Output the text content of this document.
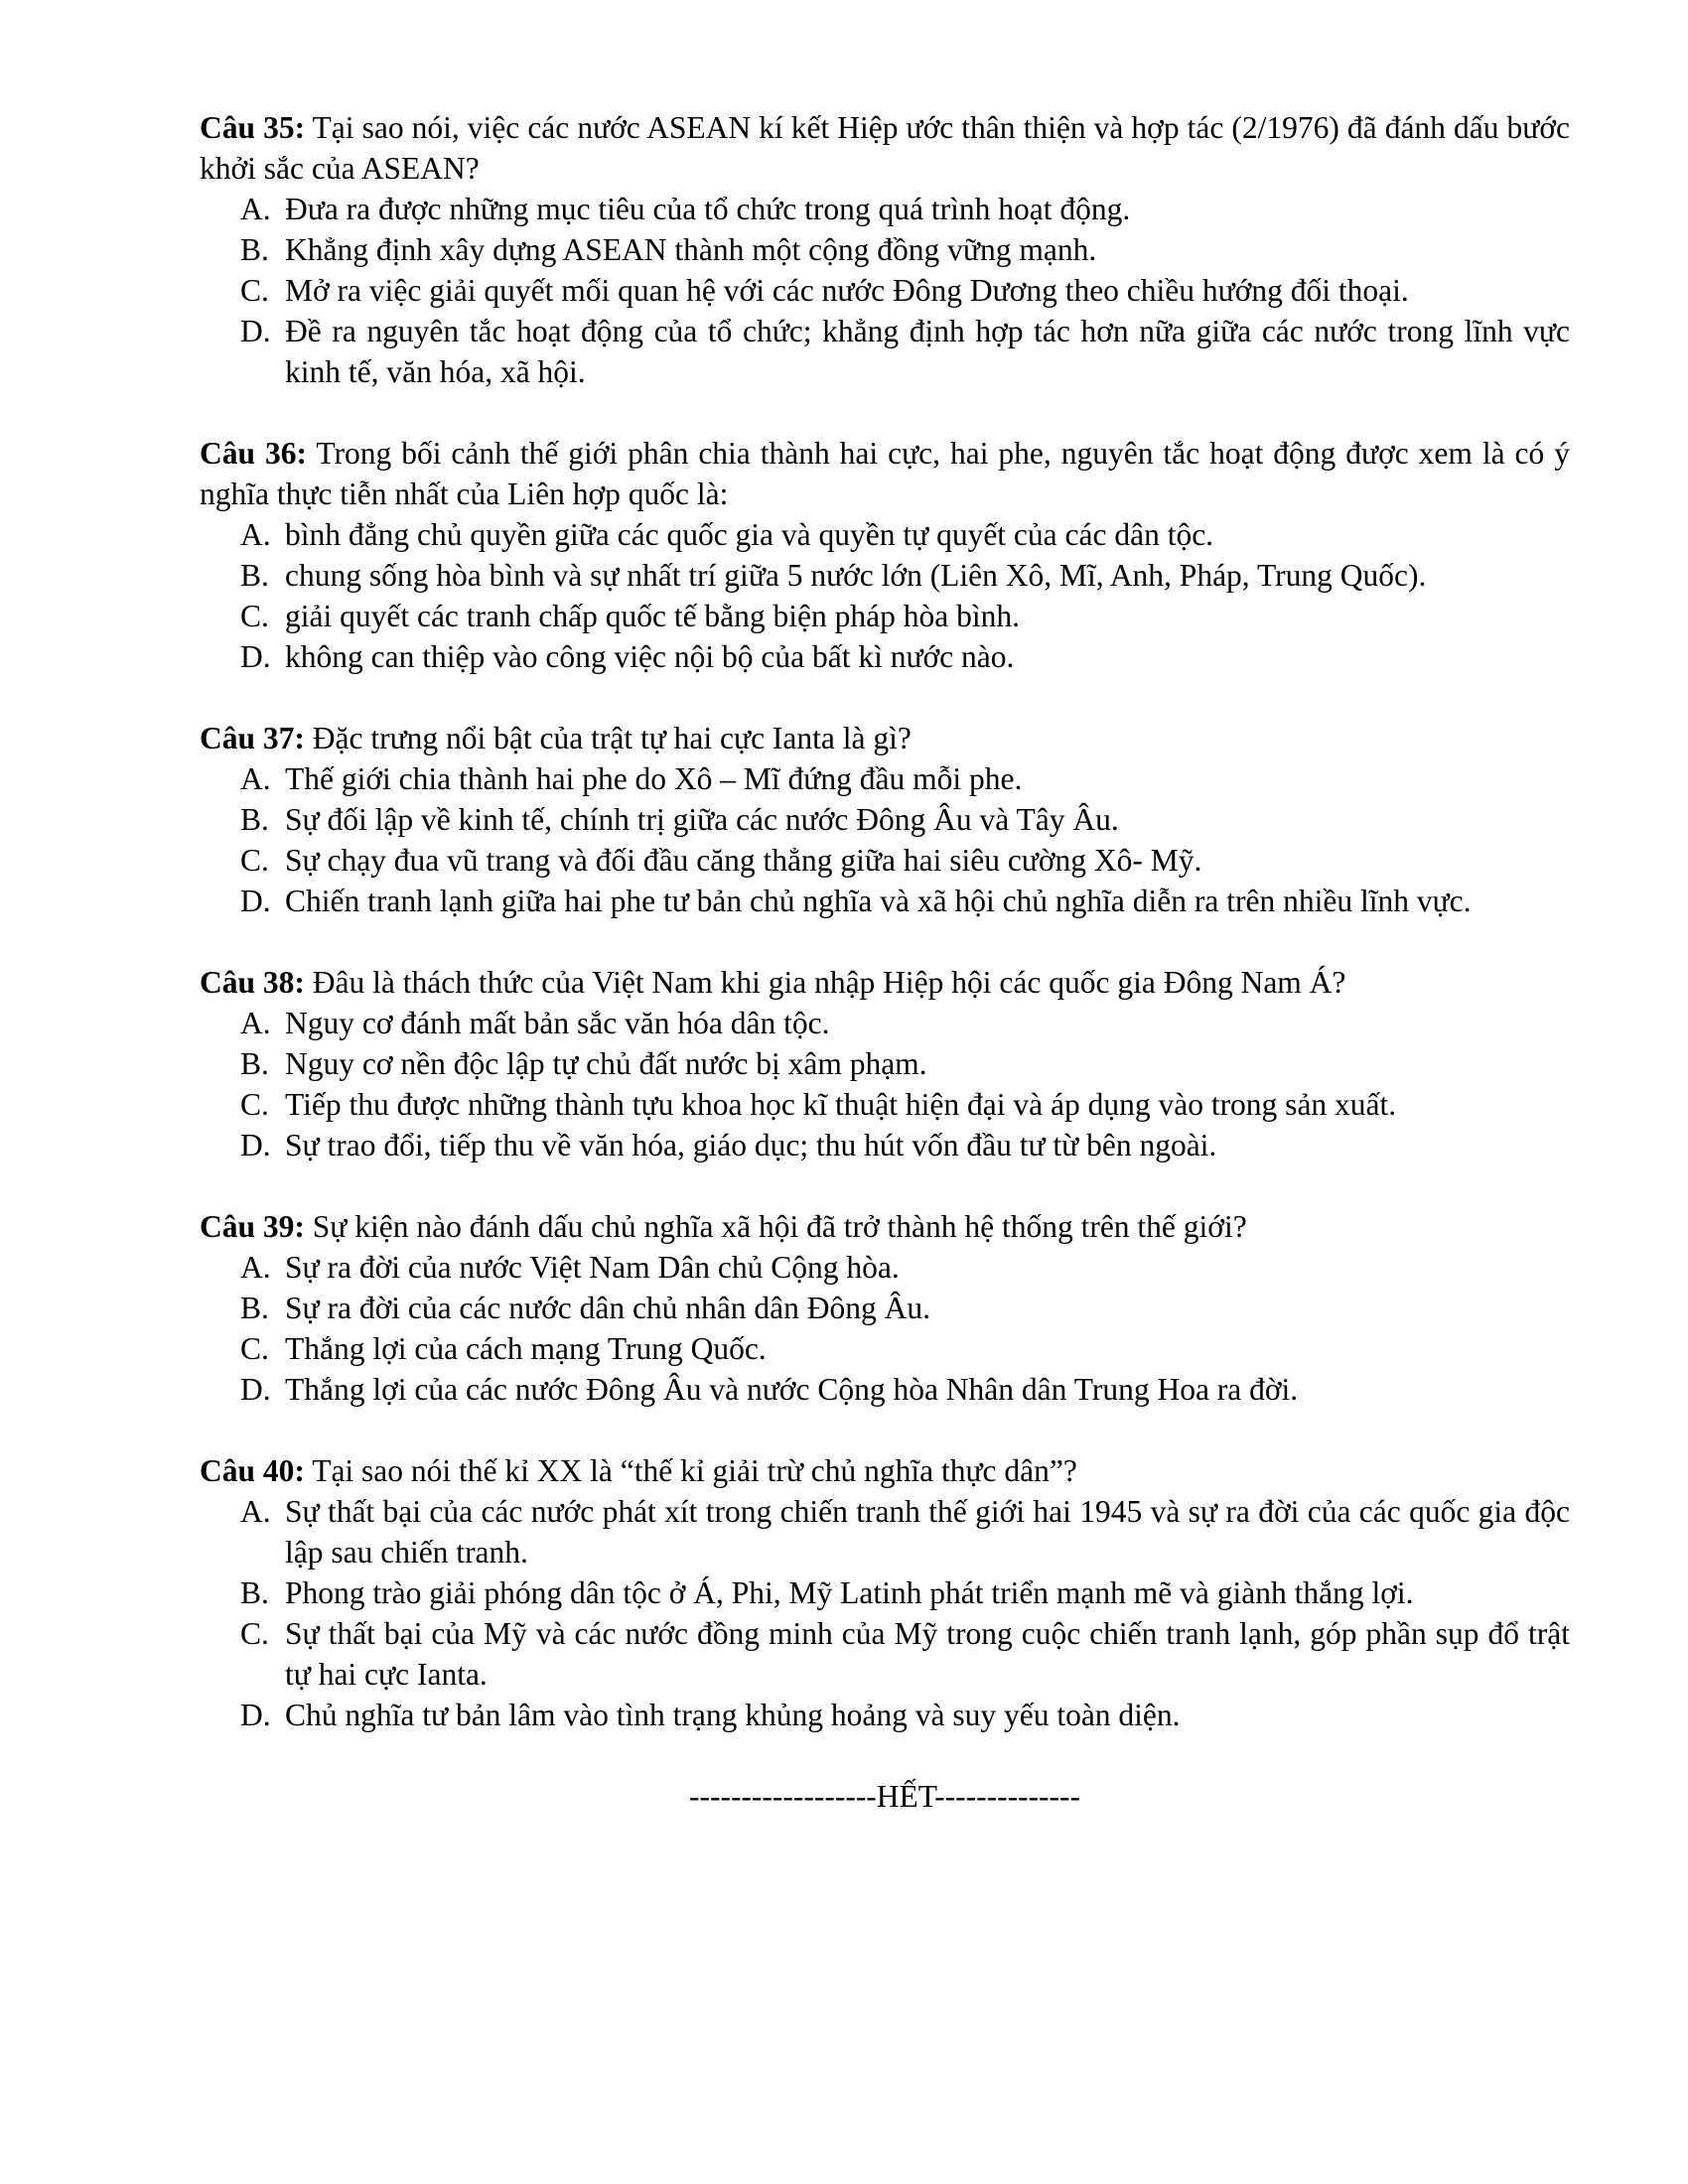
Câu 35: Tại sao nói, việc các nước ASEAN kí kết Hiệp ước thân thiện và hợp tác (2/1976) đã đánh dấu bước khởi sắc của ASEAN?

A. Đưa ra được những mục tiêu của tổ chức trong quá trình hoạt động.
B. Khẳng định xây dựng ASEAN thành một cộng đồng vững mạnh.
C. Mở ra việc giải quyết mối quan hệ với các nước Đông Dương theo chiều hướng đối thoại.
D. Đề ra nguyên tắc hoạt động của tổ chức; khẳng định hợp tác hơn nữa giữa các nước trong lĩnh vực kinh tế, văn hóa, xã hội.

Câu 36: Trong bối cảnh thế giới phân chia thành hai cực, hai phe, nguyên tắc hoạt động được xem là có ý nghĩa thực tiễn nhất của Liên hợp quốc là:

A. bình đẳng chủ quyền giữa các quốc gia và quyền tự quyết của các dân tộc.
B. chung sống hòa bình và sự nhất trí giữa 5 nước lớn (Liên Xô, Mĩ, Anh, Pháp, Trung Quốc).
C. giải quyết các tranh chấp quốc tế bằng biện pháp hòa bình.
D. không can thiệp vào công việc nội bộ của bất kì nước nào.

Câu 37: Đặc trưng nổi bật của trật tự hai cực Ianta là gì?

A. Thế giới chia thành hai phe do Xô – Mĩ đứng đầu mỗi phe.
B. Sự đối lập về kinh tế, chính trị giữa các nước Đông Âu và Tây Âu.
C. Sự chạy đua vũ trang và đối đầu căng thẳng giữa hai siêu cường Xô- Mỹ.
D. Chiến tranh lạnh giữa hai phe tư bản chủ nghĩa và xã hội chủ nghĩa diễn ra trên nhiều lĩnh vực.

Câu 38: Đâu là thách thức của Việt Nam khi gia nhập Hiệp hội các quốc gia Đông Nam Á?

A. Nguy cơ đánh mất bản sắc văn hóa dân tộc.
B. Nguy cơ nền độc lập tự chủ đất nước bị xâm phạm.
C. Tiếp thu được những thành tựu khoa học kĩ thuật hiện đại và áp dụng vào trong sản xuất.
D. Sự trao đổi, tiếp thu về văn hóa, giáo dục; thu hút vốn đầu tư từ bên ngoài.

Câu 39: Sự kiện nào đánh dấu chủ nghĩa xã hội đã trở thành hệ thống trên thế giới?

A. Sự ra đời của nước Việt Nam Dân chủ Cộng hòa.
B. Sự ra đời của các nước dân chủ nhân dân Đông Âu.
C. Thắng lợi của cách mạng Trung Quốc.
D. Thắng lợi của các nước Đông Âu và nước Cộng hòa Nhân dân Trung Hoa ra đời.

Câu 40: Tại sao nói thế kỉ XX là “thế kỉ giải trừ chủ nghĩa thực dân”?

A. Sự thất bại của các nước phát xít trong chiến tranh thế giới hai 1945 và sự ra đời của các quốc gia độc lập sau chiến tranh.
B. Phong trào giải phóng dân tộc ở Á, Phi, Mỹ Latinh phát triển mạnh mẽ và giành thắng lợi.
C. Sự thất bại của Mỹ và các nước đồng minh của Mỹ trong cuộc chiến tranh lạnh, góp phần sụp đổ trật tự hai cực Ianta.
D. Chủ nghĩa tư bản lâm vào tình trạng khủng hoảng và suy yếu toàn diện.

------------------HẾT--------------
